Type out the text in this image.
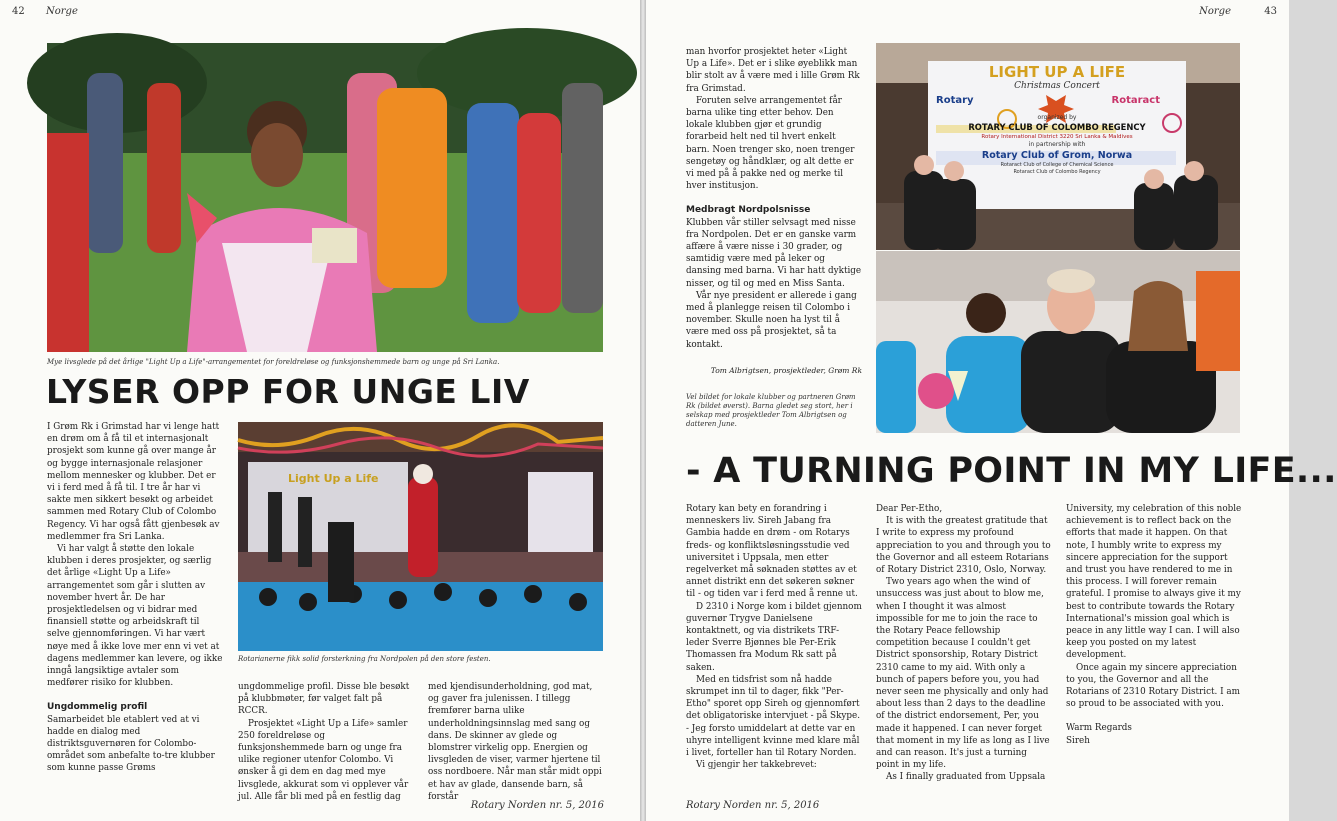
42 Norge
Mye livsglede på det årlige "Light Up a Life"-arrangementet for foreldreløse og funksjonshemmede barn og unge på Sri Lanka.
LYSER OPP FOR UNGE LIV

I Grøm Rk i Grimstad har vi lenge hatt en drøm om å få til et internasjonalt prosjekt som kunne gå over mange år og bygge internasjonale relasjoner mellom mennesker og klubber. Det er vi i ferd med å få til. I tre år har vi sakte men sikkert besøkt og arbeidet sammen med Rotary Club of Colombo Regency. Vi har også fått gjenbesøk av medlemmer fra Sri Lanka.

Vi har valgt å støtte den lokale klubben i deres prosjekter, og særlig det årlige «Light Up a Life» arrangementet som går i slutten av november hvert år. De har prosjektledelsen og vi bidrar med finansiell støtte og arbeidskraft til selve gjennomføringen. Vi har vært nøye med å ikke love mer enn vi vet at dagens medlemmer kan levere, og ikke inngå langsiktige avtaler som medfører risiko for klubben.

Ungdommelig profil

Samarbeidet ble etablert ved at vi hadde en dialog med distriktsguvernøren for Colombo-området som anbefalte to-tre klubber som kunne passe Grøms

Light Up a Life
Rotarianerne fikk solid forsterkning fra Nordpolen på den store festen.

ungdommelige profil. Disse ble besøkt på klubbmøter, før valget falt på RCCR.

Prosjektet «Light Up a Life» samler 250 foreldreløse og funksjonshemmede barn og unge fra ulike regioner utenfor Colombo. Vi ønsker å gi dem en dag med mye livsglede, akkurat som vi opplever vår jul. Alle får bli med på en festlig dag

med kjendisunderholdning, god mat, og gaver fra julenissen. I tillegg fremfører barna ulike underholdningsinnslag med sang og dans. De skinner av glede og blomstrer virkelig opp. Energien og livsgleden de viser, varmer hjertene til oss nordboere. Når man står midt oppi et hav av glade, dansende barn, så forstår

Rotary Norden nr. 5, 2016
Norge	43

man hvorfor prosjektet heter «Light Up a Life». Det er i slike øyeblikk man blir stolt av å være med i lille Grøm Rk fra Grimstad.

Foruten selve arrangementet får barna ulike ting etter behov. Den lokale klubben gjør et grundig forarbeid helt ned til hvert enkelt barn. Noen trenger sko, noen trenger sengetøy og håndklær, og alt dette er vi med på å pakke ned og merke til hver institusjon.

Medbragt Nordpolsnisse

Klubben vår stiller selvsagt med nisse fra Nordpolen. Det er en ganske varm affære å være nisse i 30 grader, og samtidig være med på leker og dansing med barna. Vi har hatt dyktige nisser, og til og med en Miss Santa.

Vår nye president er allerede i gang med å planlegge reisen til Colombo i november. Skulle noen ha lyst til å være med oss på prosjektet, så ta kontakt.

Tom Albrigtsen, prosjektleder, Grøm Rk

Vel bildet for lokale klubber og partneren Grøm Rk (bildet øverst). Barna gledet seg stort, her i selskap med prosjektleder Tom Albrigtsen og datteren June.
LIGHT UP A LIFE
Christmas Concert
Rotary	Rotaract
organized by
ROTARY CLUB OF COLOMBO REGENCY
Rotary International District 3220 Sri Lanka & Maldives
in partnership with
Rotary Club of Grom, Norwa
Rotaract Club of College of Chemical Science
Rotaract Club of Colombo Regency
- A TURNING POINT IN MY LIFE...

Rotary kan bety en forandring i menneskers liv. Sireh Jabang fra Gambia hadde en drøm - om Rotarys freds- og konfliktsløsningsstudie ved universitet i Uppsala, men etter regelverket må søknaden støttes av et annet distrikt enn det søkeren søkner til - og tiden var i ferd med å renne ut.

D 2310 i Norge kom i bildet gjennom guvernør Trygve Danielsene kontaktnett, og via distrikets TRF-leder Sverre Bjønnes ble Per-Erik Thomassen fra Modum Rk satt på saken.

Med en tidsfrist som nå hadde skrumpet inn til to dager, fikk "Per-Etho" sporet opp Sireh og gjennomført det obligatoriske intervjuet - på Skype. - Jeg forsto umiddelart at dette var en uhyre intelligent kvinne med klare mål i livet, forteller han til Rotary Norden.

Vi gjengir her takkebrevet:

Dear Per-Etho,

It is with the greatest gratitude that I write to express my profound appreciation to you and through you to the Governor and all esteem Rotarians of Rotary District 2310, Oslo, Norway.

Two years ago when the wind of unsuccess was just about to blow me, when I thought it was almost impossible for me to join the race to the Rotary Peace fellowship competition because I couldn't get District sponsorship, Rotary District 2310 came to my aid. With only a bunch of papers before you, you had never seen me physically and only had about less than 2 days to the deadline of the district endorsement, Per, you made it happened. I can never forget that moment in my life as long as I live and can reason. It's just a turning point in my life.

As I finally graduated from Uppsala

University, my celebration of this noble achievement is to reflect back on the efforts that made it happen. On that note, I humbly write to express my sincere appreciation for the support and trust you have rendered to me in this process. I will forever remain grateful. I promise to always give it my best to contribute towards the Rotary International's mission goal which is peace in any little way I can. I will also keep you posted on my latest development.

Once again my sincere appreciation to you, the Governor and all the Rotarians of 2310 Rotary District. I am so proud to be associated with you.

Warm Regards

Sireh

Rotary Norden nr. 5, 2016
